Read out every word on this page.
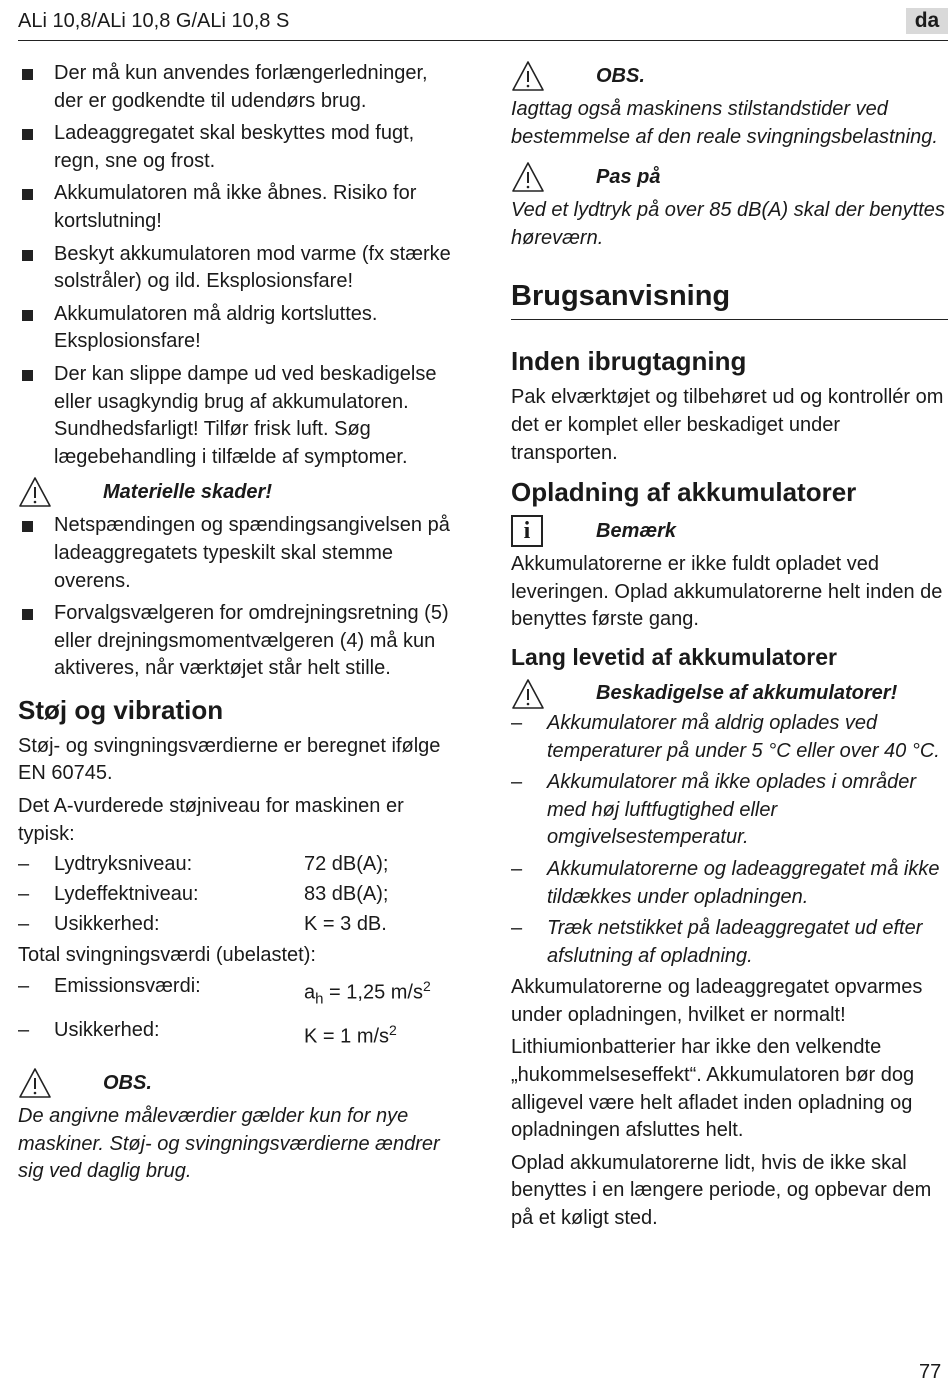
ALi 10,8/ALi 10,8 G/ALi 10,8 S	da
Der må kun anvendes forlængerledninger, der er godkendte til udendørs brug.
Ladeaggregatet skal beskyttes mod fugt, regn, sne og frost.
Akkumulatoren må ikke åbnes. Risiko for kortslutning!
Beskyt akkumulatoren mod varme (fx stærke solstråler) og ild. Eksplosionsfare!
Akkumulatoren må aldrig kortsluttes. Eksplosionsfare!
Der kan slippe dampe ud ved beskadigelse eller usagkyndig brug af akkumulatoren. Sundhedsfarligt! Tilfør frisk luft. Søg lægebehandling i tilfælde af symptomer.
Materielle skader!
Netspændingen og spændingsangivelsen på ladeaggregatets typeskilt skal stemme overens.
Forvalgsvælgeren for omdrejningsretning (5) eller drejningsmomentvælgeren (4) må kun aktiveres, når værktøjet står helt stille.
Støj og vibration

Støj- og svingningsværdierne er beregnet ifølge EN 60745.

Det A-vurderede støjniveau for maskinen er typisk:

–	Lydtryksniveau:	72 dB(A);
–	Lydeffektniveau:	83 dB(A);
–	Usikkerhed:	K = 3 dB.

Total svingningsværdi (ubelastet):

–	Emissionsværdi:	$a_h = 1,25$ $m/s^2$
–	Usikkerhed:	K = 1 $m/s^2$
OBS.

De angivne måleværdier gælder kun for nye maskiner. Støj- og svingningsværdierne ændrer sig ved daglig brug.

OBS.

Iagttag også maskinens stilstandstider ved bestemmelse af den reale svingningsbelastning.

Pas på

Ved et lydtryk på over 85 dB(A) skal der benyttes høreværn.

Brugsanvisning
Inden ibrugtagning

Pak elværktøjet og tilbehøret ud og kontrollér om det er komplet eller beskadiget under transporten.

Opladning af akkumulatorer
i	Bemærk

Akkumulatorerne er ikke fuldt opladet ved leveringen. Oplad akkumulatorerne helt inden de benyttes første gang.

Lang levetid af akkumulatorer
Beskadigelse af akkumulatorer!
– Akkumulatorer må aldrig oplades ved temperaturer på under 5 °C eller over 40 °C.
– Akkumulatorer må ikke oplades i områder med høj luftfugtighed eller omgivelsestemperatur.
– Akkumulatorerne og ladeaggregatet må ikke tildækkes under opladningen.
– Træk netstikket på ladeaggregatet ud efter afslutning af opladning.

Akkumulatorerne og ladeaggregatet opvarmes under opladningen, hvilket er normalt!

Lithiumionbatterier har ikke den velkendte „hukommelseseffekt“. Akkumulatoren bør dog alligevel være helt afladet inden opladning og opladningen afsluttes helt.

Oplad akkumulatorerne lidt, hvis de ikke skal benyttes i en længere periode, og opbevar dem på et køligt sted.

77
